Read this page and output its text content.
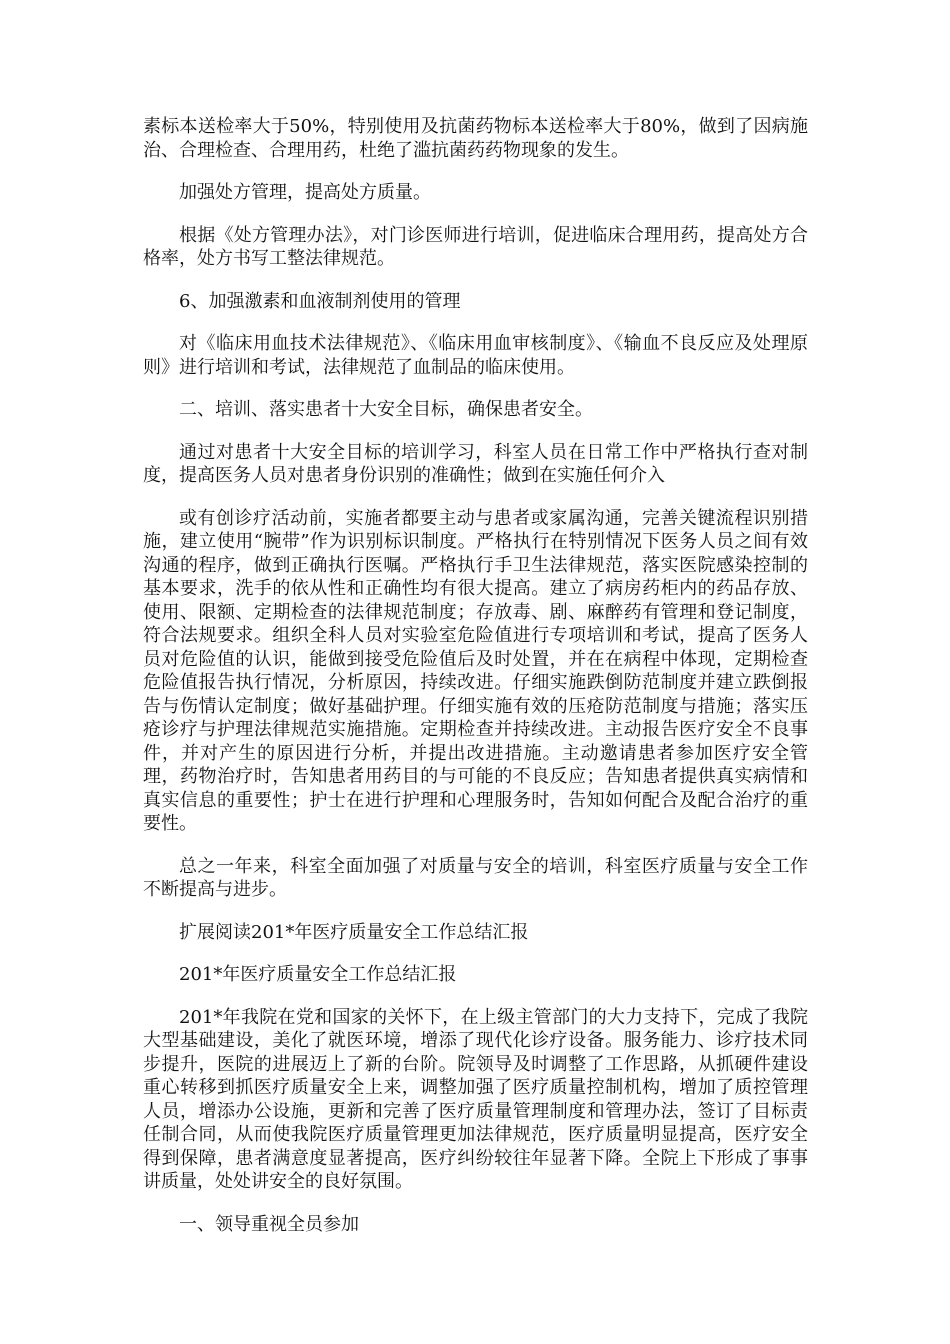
素标本送检率大于50%，特别使用及抗菌药物标本送检率大于80%，做到了因病施治、合理检查、合理用药，杜绝了滥抗菌药药物现象的发生。

加强处方管理，提高处方质量。

根据《处方管理办法》，对门诊医师进行培训，促进临床合理用药，提高处方合格率，处方书写工整法律规范。

6、加强激素和血液制剂使用的管理

对《临床用血技术法律规范》、《临床用血审核制度》、《输血不良反应及处理原则》进行培训和考试，法律规范了血制品的临床使用。

二、培训、落实患者十大安全目标，确保患者安全。

通过对患者十大安全目标的培训学习，科室人员在日常工作中严格执行查对制度，提高医务人员对患者身份识别的准确性；做到在实施任何介入

或有创诊疗活动前，实施者都要主动与患者或家属沟通，完善关键流程识别措施，建立使用“腕带”作为识别标识制度。严格执行在特别情况下医务人员之间有效沟通的程序，做到正确执行医嘱。严格执行手卫生法律规范，落实医院感染控制的基本要求，洗手的依从性和正确性均有很大提高。建立了病房药柜内的药品存放、使用、限额、定期检查的法律规范制度；存放毒、剧、麻醉药有管理和登记制度，符合法规要求。组织全科人员对实验室危险值进行专项培训和考试，提高了医务人员对危险值的认识，能做到接受危险值后及时处置，并在在病程中体现，定期检查危险值报告执行情况，分析原因，持续改进。仔细实施跌倒防范制度并建立跌倒报告与伤情认定制度；做好基础护理。仔细实施有效的压疮防范制度与措施；落实压疮诊疗与护理法律规范实施措施。定期检查并持续改进。主动报告医疗安全不良事件，并对产生的原因进行分析，并提出改进措施。主动邀请患者参加医疗安全管理，药物治疗时，告知患者用药目的与可能的不良反应；告知患者提供真实病情和真实信息的重要性；护士在进行护理和心理服务时，告知如何配合及配合治疗的重要性。

总之一年来，科室全面加强了对质量与安全的培训，科室医疗质量与安全工作不断提高与进步。

扩展阅读201*年医疗质量安全工作总结汇报

201*年医疗质量安全工作总结汇报

201*年我院在党和国家的关怀下，在上级主管部门的大力支持下，完成了我院大型基础建设，美化了就医环境，增添了现代化诊疗设备。服务能力、诊疗技术同步提升，医院的进展迈上了新的台阶。院领导及时调整了工作思路，从抓硬件建设重心转移到抓医疗质量安全上来，调整加强了医疗质量控制机构，增加了质控管理人员，增添办公设施，更新和完善了医疗质量管理制度和管理办法，签订了目标责任制合同，从而使我院医疗质量管理更加法律规范，医疗质量明显提高，医疗安全得到保障，患者满意度显著提高，医疗纠纷较往年显著下降。全院上下形成了事事讲质量，处处讲安全的良好氛围。

一、领导重视全员参加
